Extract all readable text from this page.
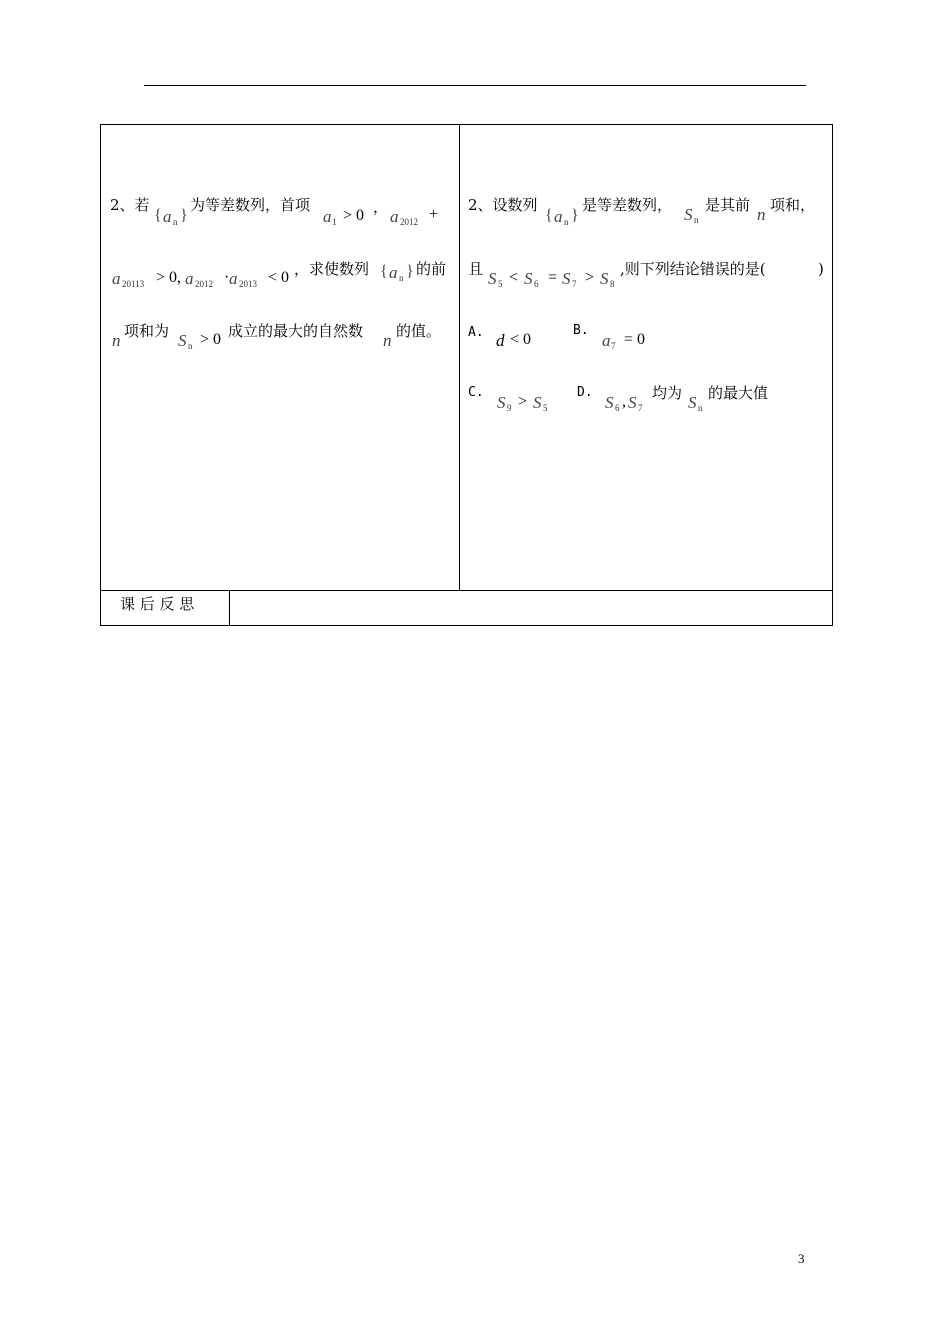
2、若
{ a n }
为等差数列，首项
a 1 > 0 ， a 2012 +
a 20113 > 0, a 2012 · a 2013 < 0 ，求使数列 { a n } 的前
n 项和为 S n > 0 成立的最大的自然数 n 的值。
2、设数列
{ a n }
是等差数列， S n
是其前 n 项和，
且 S 5 < S 6 = S 7 > S 8
,则下列结论错误的是(	)
A. d < 0
B.
a 7 = 0
C.
S 9 > S 5
D.
S 6 , S 7
均为 S n
的最大值
课 后 反 思
3
